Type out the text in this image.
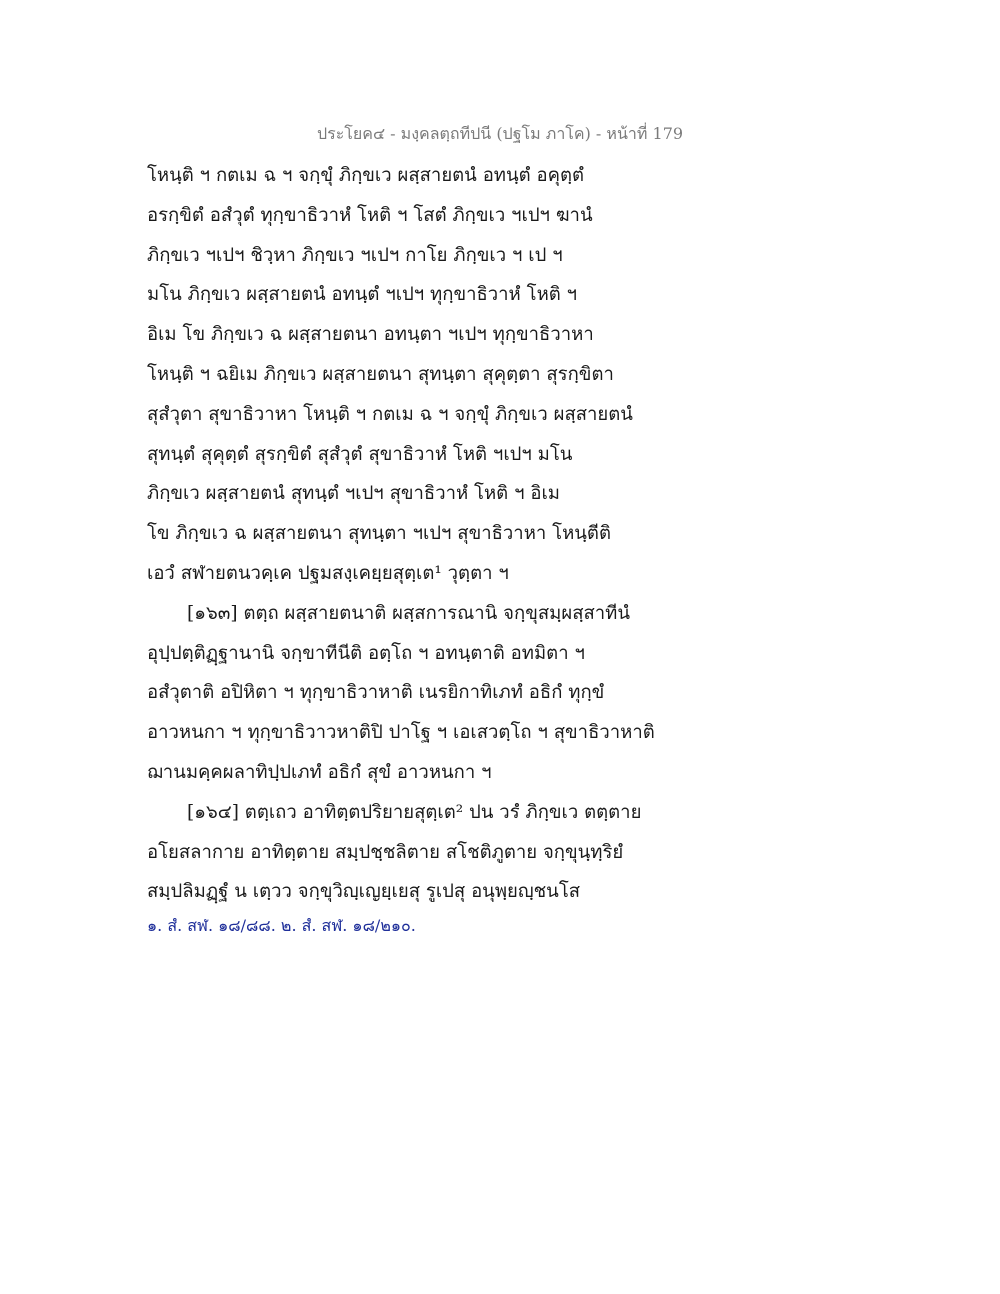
ประโยค๔ - มงฺคลตฺถทีปนี (ปฐโม ภาโค) - หน้าที่ 179
โหนฺติ ฯ กตเม ฉ ฯ จกฺขุํ ภิกฺขเว ผสฺสายตนํ อทนฺตํ อคุตฺตํ
อรกฺขิตํ อสํวุตํ ทุกฺขาธิวาหํ โหติ ฯ โสตํ ภิกฺขเว ฯเปฯ ฆานํ
ภิกฺขเว ฯเปฯ ชิวฺหา ภิกฺขเว ฯเปฯ กาโย ภิกฺขเว ฯ เป ฯ
มโน ภิกฺขเว ผสฺสายตนํ อทนฺตํ ฯเปฯ ทุกฺขาธิวาหํ โหติ ฯ
อิเม โข ภิกฺขเว ฉ ผสฺสายตนา อทนฺตา ฯเปฯ ทุกฺขาธิวาหา
โหนฺติ ฯ ฉยิเม ภิกฺขเว ผสฺสายตนา สุทนฺตา สุคุตฺตา สุรกฺขิตา
สุสํวุตา สุขาธิวาหา โหนฺติ ฯ กตเม ฉ ฯ จกฺขุํ ภิกฺขเว ผสฺสายตนํ
สุทนฺตํ สุคุตฺตํ สุรกฺขิตํ สุสํวุตํ สุขาธิวาหํ โหติ ฯเปฯ มโน
ภิกฺขเว ผสฺสายตนํ สุทนฺตํ ฯเปฯ สุขาธิวาหํ โหติ ฯ อิเม
โข ภิกฺขเว ฉ ผสฺสายตนา สุทนฺตา ฯเปฯ สุขาธิวาหา โหนฺตีติ
เอวํ สฬายตนวคฺเค ปฐมสงฺเคยฺยสุตฺเต¹ วุตฺตา ฯ
[๑๖๓] ตตฺถ ผสฺสายตนาติ ผสฺสการณานิ จกฺขุสมฺผสฺสาทีนํ
อุปฺปตฺติฏฺฐานานิ จกฺขาทีนีติ อตฺโถ ฯ อทนฺตาติ อทมิตา ฯ
อสํวุตาติ อปิหิตา ฯ ทุกฺขาธิวาหาติ เนรยิกาทิเภทํ อธิกํ ทุกฺขํ
อาวหนกา ฯ ทุกฺขาธิวาวหาติปิ ปาโฐ ฯ เอเสวตฺโถ ฯ สุขาธิวาหาติ
ฌานมคฺคผลาทิปฺปเภทํ อธิกํ สุขํ อาวหนกา ฯ
[๑๖๔] ตตฺเถว อาทิตฺตปริยายสุตฺเต² ปน วรํ ภิกฺขเว ตตฺตาย
อโยสลากาย อาทิตฺตาย สมฺปชฺชลิตาย สโชติภูตาย จกฺขุนฺทฺริยํ
สมฺปลิมฏฺฐํ น เตฺวว จกฺขุวิญฺเญยฺเยสุ รูเปสุ อนุพฺยญฺชนโส
๑. สํ. สฬ. ๑๘/๘๘. ๒. สํ. สฬ. ๑๘/๒๑๐.
